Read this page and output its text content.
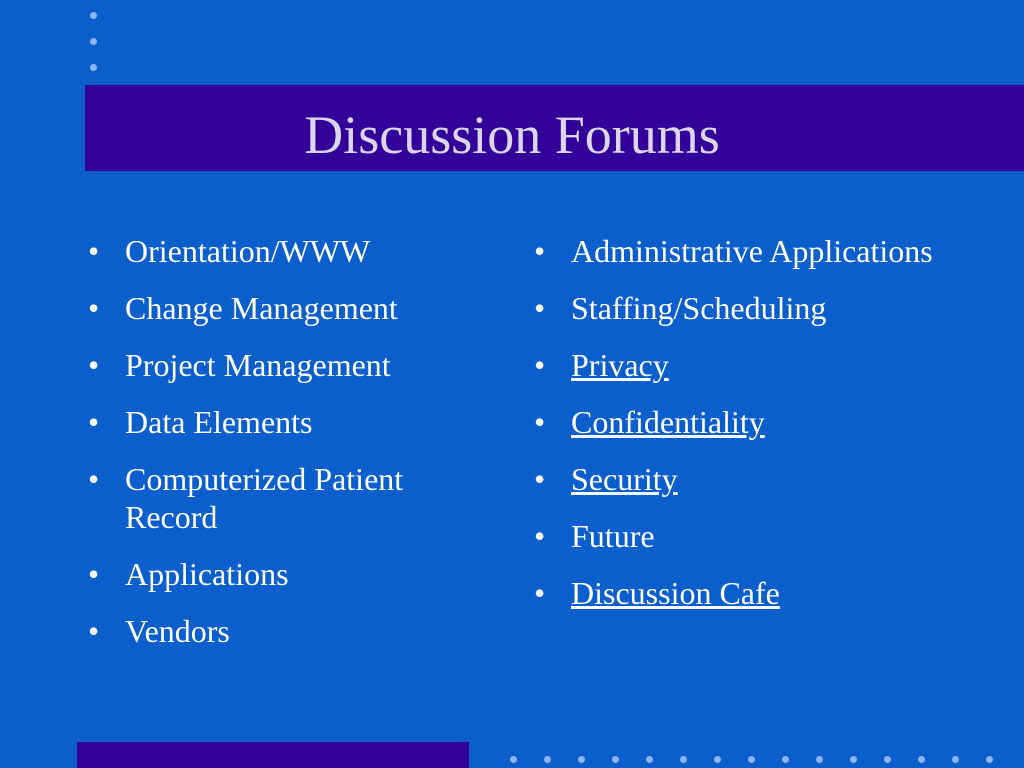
Discussion Forums
• Orientation/WWW
• Change Management
• Project Management
• Data Elements
• Computerized Patient Record
• Applications
• Vendors
• Administrative Applications
• Staffing/Scheduling
• Privacy
• Confidentiality
• Security
• Future
• Discussion Cafe
